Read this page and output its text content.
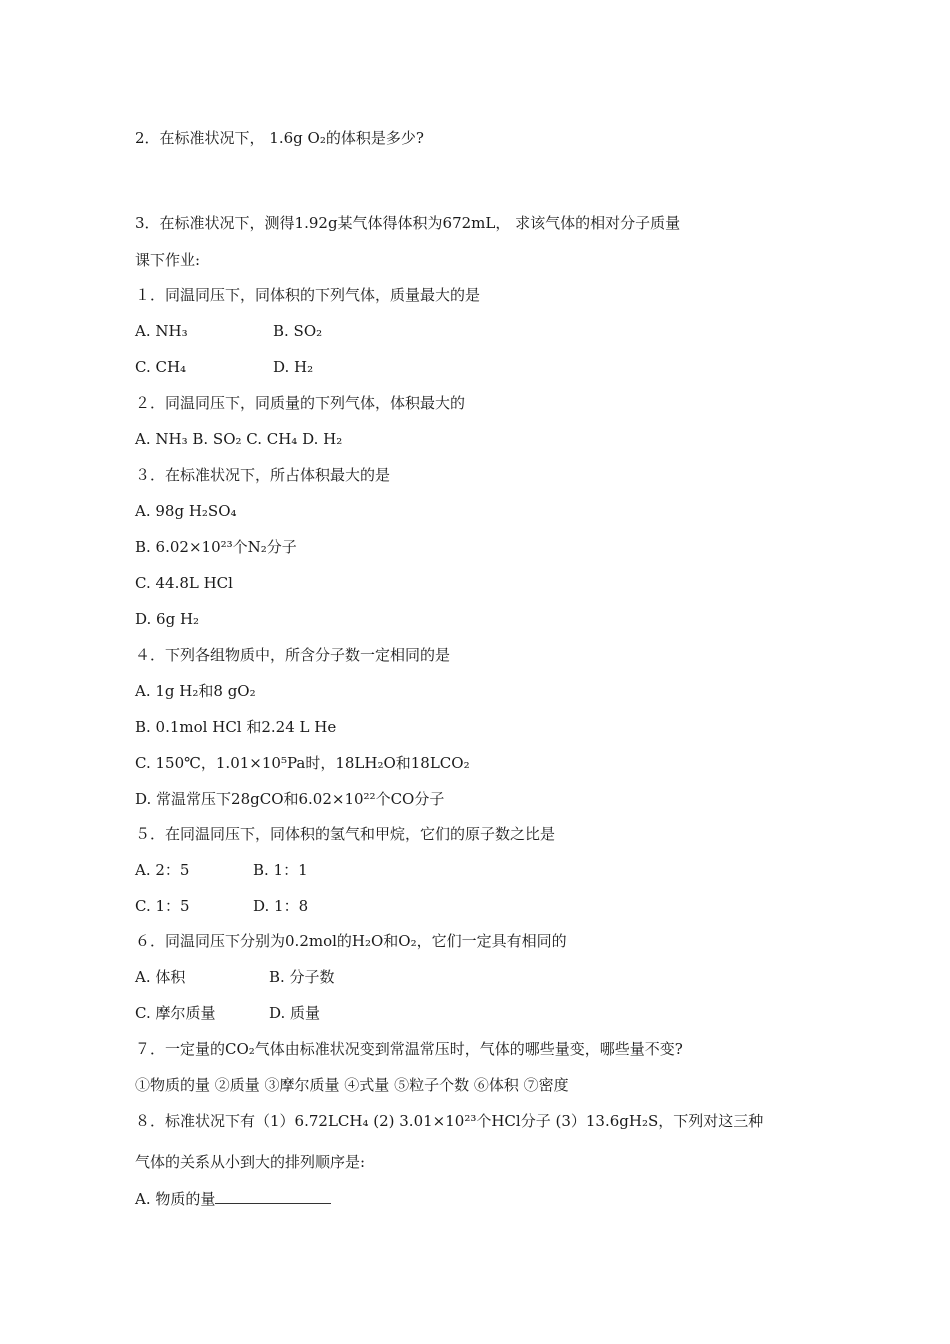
2．在标准状况下， 1.6g O₂的体积是多少?
3．在标准状况下，测得1.92g某气体得体积为672mL， 求该气体的相对分子质量
课下作业:
１．同温同压下，同体积的下列气体，质量最大的是
A. NH₃	B. SO₂
C. CH₄	D. H₂
２．同温同压下，同质量的下列气体，体积最大的
A. NH₃ B. SO₂ C. CH₄ D. H₂
３．在标准状况下，所占体积最大的是
A. 98g H₂SO₄
B. 6.02×10²³个N₂分子
C. 44.8L HCl
D. 6g H₂
４．下列各组物质中，所含分子数一定相同的是
A. 1g H₂和8 gO₂
B. 0.1mol HCl 和2.24 L He
C. 150℃，1.01×10⁵Pa时，18LH₂O和18LCO₂
D. 常温常压下28gCO和6.02×10²²个CO分子
５．在同温同压下，同体积的氢气和甲烷，它们的原子数之比是
A. 2：5	B. 1：1
C. 1：5	D. 1：8
６．同温同压下分别为0.2mol的H₂O和O₂，它们一定具有相同的
A. 体积	B. 分子数
C. 摩尔质量	D. 质量
７．一定量的CO₂气体由标准状况变到常温常压时，气体的哪些量变，哪些量不变?
①物质的量 ②质量 ③摩尔质量 ④式量 ⑤粒子个数 ⑥体积 ⑦密度
８．标准状况下有（1）6.72LCH₄ (2) 3.01×10²³个HCl分子 (3）13.6gH₂S，下列对这三种
气体的关系从小到大的排列顺序是:
A. 物质的量
